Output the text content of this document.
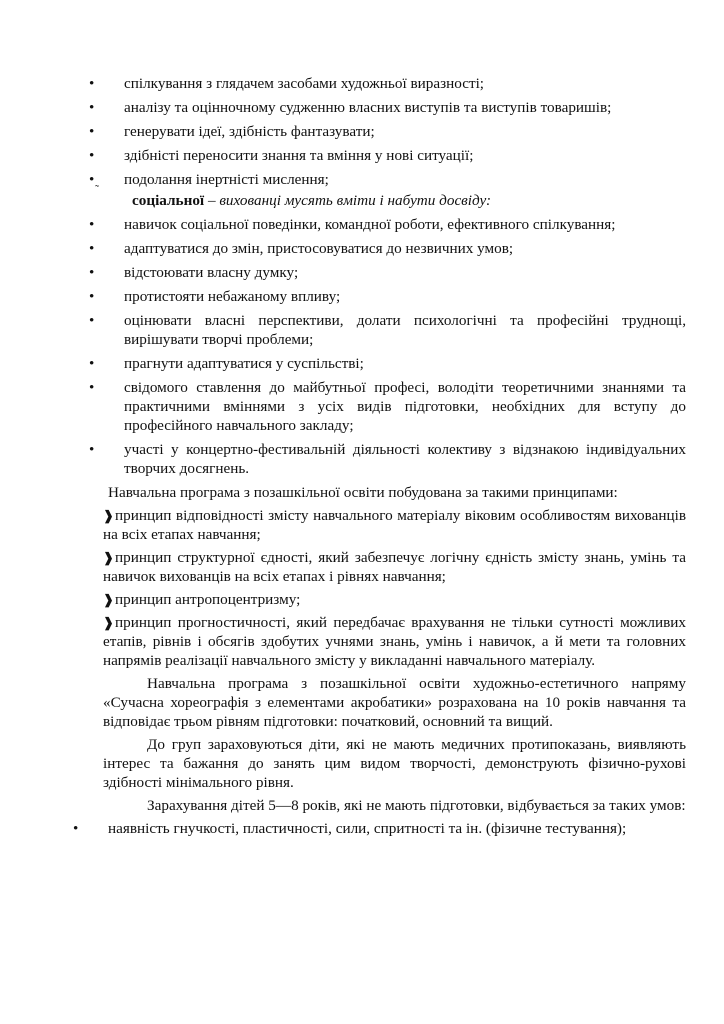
• спілкування з глядачем засобами художньої виразності;
• аналізу та оцінночному судженню власних виступів та виступів товаришів;
• генерувати ідеї, здібність фантазувати;
• здібністі переносити знання та вміння у нові ситуації;
• подолання інертністі мислення;
˜
соціальної – вихованці мусять вміти і набути досвіду:
• навичок соціальної поведінки, командної роботи, ефективного спілкування;
• адаптуватися до змін, пристосовуватися до незвичних умов;
• відстоювати власну думку;
• протистояти небажаному впливу;
• оцінювати власні перспективи, долати психологічні та професійні труднощі, вирішувати творчі проблеми;
• прагнути адаптуватися у суспільстві;
• свідомого ставлення до майбутньої професі, володіти теоретичними знаннями та практичними вміннями з усіх видів підготовки, необхідних для вступу до професійного навчального закладу;
• участі у концертно-фестивальній діяльності колективу з відзнакою індивідуальних творчих досягнень.
Навчальна програма з позашкільної освіти побудована за такими принципами:
❱принцип відповідності змісту навчального матеріалу віковим особливостям вихованців на всіх етапах навчання;
❱принцип структурної єдності, який забезпечує логічну єдність змісту знань, умінь та навичок вихованців на всіх етапах і рівнях навчання;
❱принцип антропоцентризму;
❱принцип прогностичності, який передбачає врахування не тільки сутності можливих етапів, рівнів і обсягів здобутих учнями знань, умінь і навичок, а й мети та головних напрямів реалізації навчального змісту у викладанні навчального матеріалу.
Навчальна програма з позашкільної освіти художньо-естетичного напряму «Сучасна хореографія з елементами акробатики» розрахована на 10 років навчання та відповідає трьом рівням підготовки: початковий, основний та вищий.
До груп зараховуються діти, які не мають медичних протипоказань, виявляють інтерес та бажання до занять цим видом творчості, демонструють фізично-рухові здібності мінімального рівня.
Зарахування дітей 5—8 років, які не мають підготовки, відбувається за таких умов:
• наявність гнучкості, пластичності, сили, спритності та ін. (фізичне тестування);
